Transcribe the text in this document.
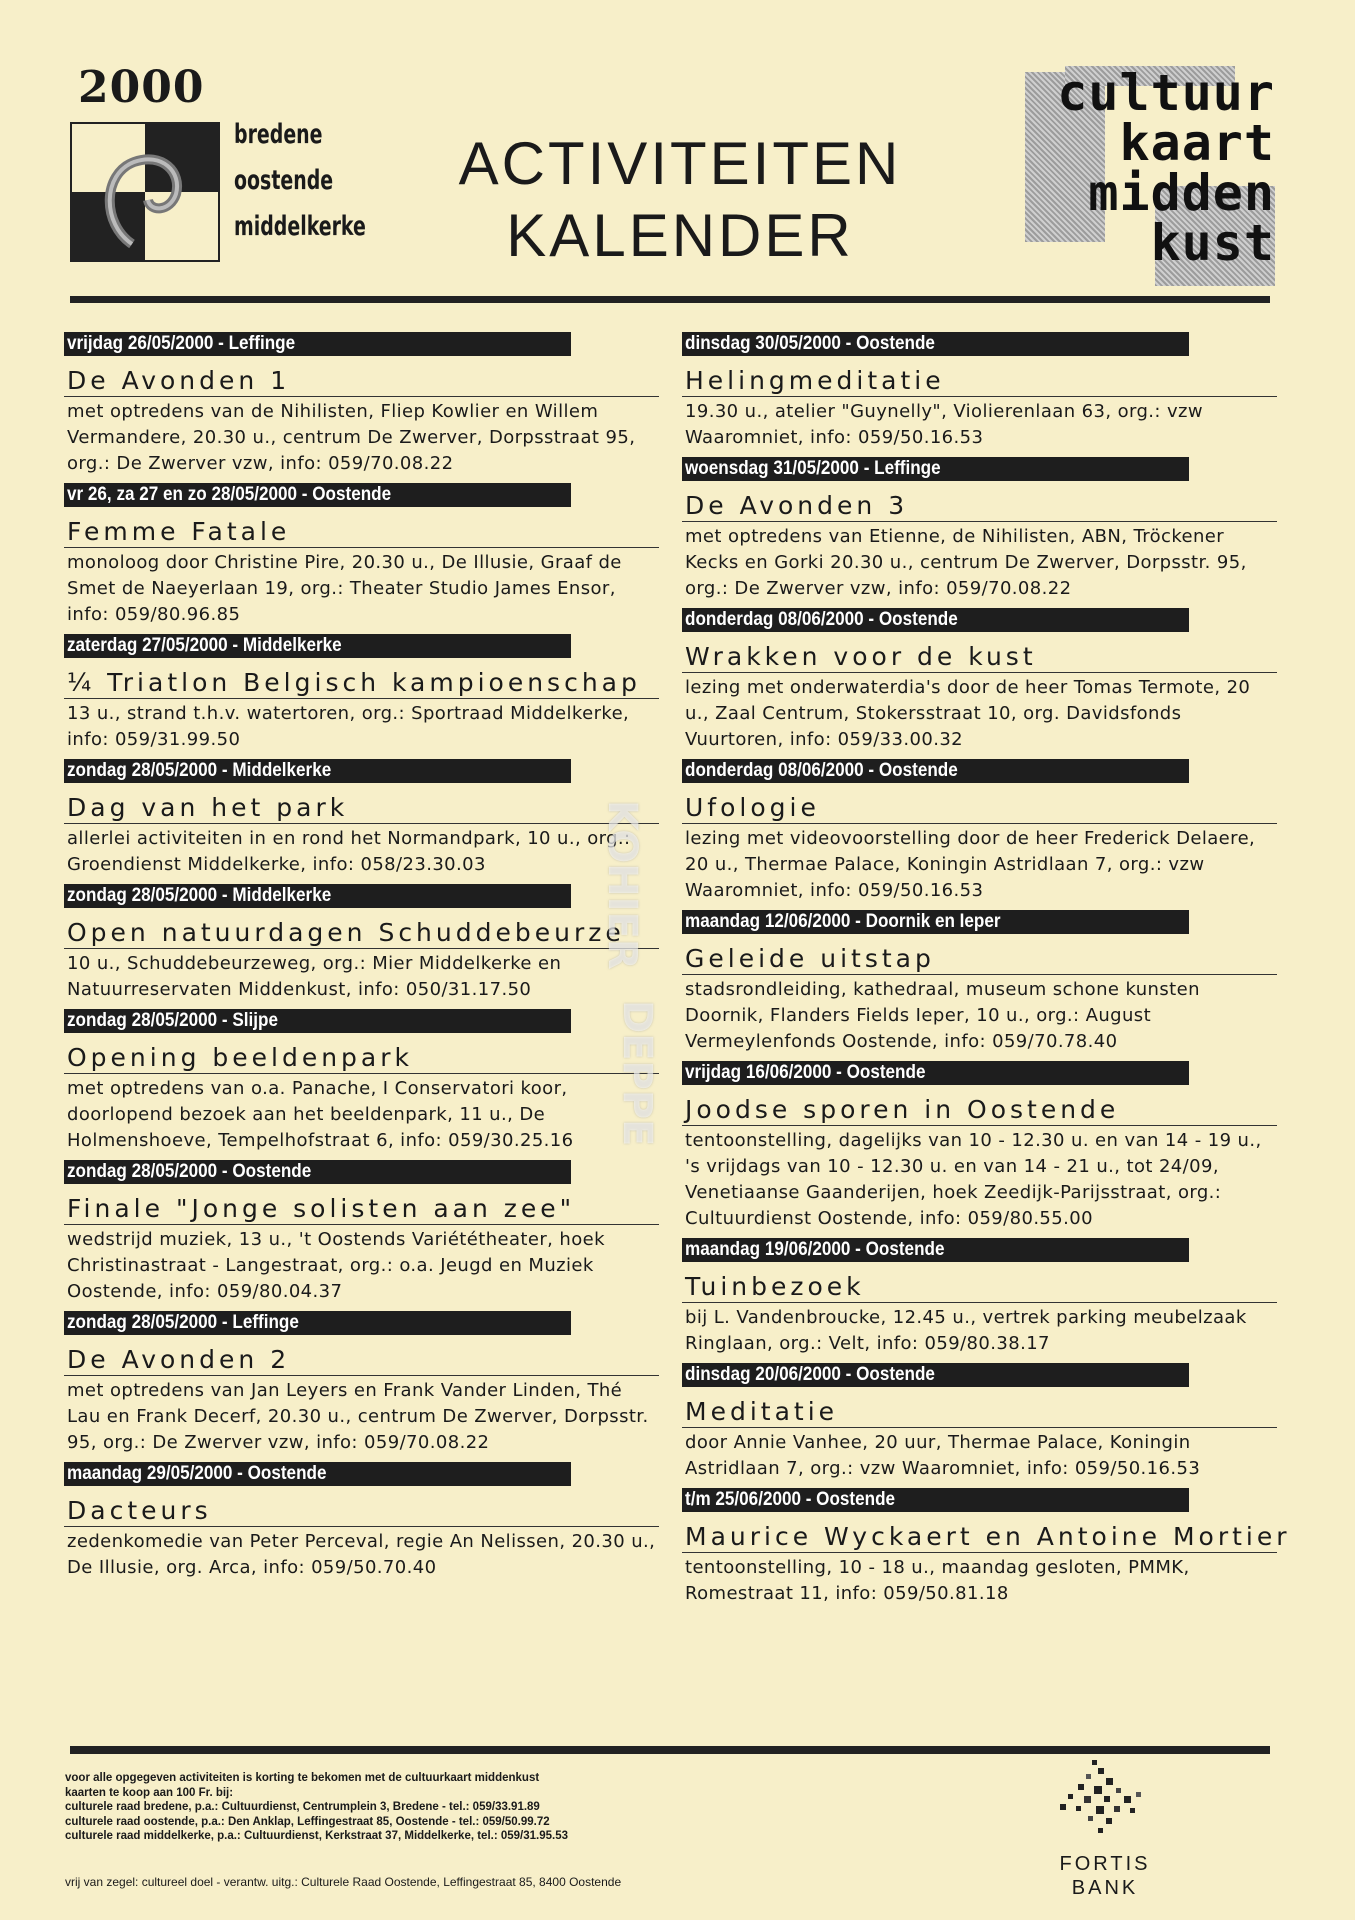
2000
bredene
oostende
middelkerke
ACTIVITEITEN
KALENDER
cultuur
kaart
midden
kust
vrijdag 26/05/2000 - Leffinge
De Avonden 1
met optredens van de Nihilisten, Fliep Kowlier en Willem Vermandere, 20.30 u., centrum De Zwerver, Dorpsstraat 95, org.: De Zwerver vzw, info: 059/70.08.22
vr 26, za 27 en zo 28/05/2000 - Oostende
Femme Fatale
monoloog door Christine Pire, 20.30 u., De Illusie, Graaf de Smet de Naeyerlaan 19, org.: Theater Studio James Ensor, info: 059/80.96.85
zaterdag 27/05/2000 - Middelkerke
¼ Triatlon Belgisch kampioenschap
13 u., strand t.h.v. watertoren, org.: Sportraad Middelkerke, info: 059/31.99.50
zondag 28/05/2000 - Middelkerke
Dag van het park
allerlei activiteiten in en rond het Normandpark, 10 u., org.: Groendienst Middelkerke, info: 058/23.30.03
zondag 28/05/2000 - Middelkerke
Open natuurdagen Schuddebeurze
10 u., Schuddebeurzeweg, org.: Mier Middelkerke en Natuurreservaten Middenkust, info: 050/31.17.50
zondag 28/05/2000 - Slijpe
Opening beeldenpark
met optredens van o.a. Panache, I Conservatori koor, doorlopend bezoek aan het beeldenpark, 11 u., De Holmenshoeve, Tempelhofstraat 6, info: 059/30.25.16
zondag 28/05/2000 - Oostende
Finale "Jonge solisten aan zee"
wedstrijd muziek, 13 u., 't Oostends Variététheater, hoek Christinastraat - Langestraat, org.: o.a. Jeugd en Muziek Oostende, info: 059/80.04.37
zondag 28/05/2000 - Leffinge
De Avonden 2
met optredens van Jan Leyers en Frank Vander Linden, Thé Lau en Frank Decerf, 20.30 u., centrum De Zwerver, Dorpsstr. 95, org.: De Zwerver vzw, info: 059/70.08.22
maandag 29/05/2000 - Oostende
Dacteurs
zedenkomedie van Peter Perceval, regie An Nelissen, 20.30 u., De Illusie, org. Arca, info: 059/50.70.40
dinsdag 30/05/2000 - Oostende
Helingmeditatie
19.30 u., atelier "Guynelly", Violierenlaan 63, org.: vzw Waaromniet, info: 059/50.16.53
woensdag 31/05/2000 - Leffinge
De Avonden 3
met optredens van Etienne, de Nihilisten, ABN, Tröckener Kecks en Gorki 20.30 u., centrum De Zwerver, Dorpsstr. 95, org.: De Zwerver vzw, info: 059/70.08.22
donderdag 08/06/2000 - Oostende
Wrakken voor de kust
lezing met onderwaterdia's door de heer Tomas Termote, 20 u., Zaal Centrum, Stokersstraat 10, org. Davidsfonds Vuurtoren, info: 059/33.00.32
donderdag 08/06/2000 - Oostende
Ufologie
lezing met videovoorstelling door de heer Frederick Delaere, 20 u., Thermae Palace, Koningin Astridlaan 7, org.: vzw Waaromniet, info: 059/50.16.53
maandag 12/06/2000 - Doornik en Ieper
Geleide uitstap
stadsrondleiding, kathedraal, museum schone kunsten Doornik, Flanders Fields Ieper, 10 u., org.: August Vermeylenfonds Oostende, info: 059/70.78.40
vrijdag 16/06/2000 - Oostende
Joodse sporen in Oostende
tentoonstelling, dagelijks van 10 - 12.30 u. en van 14 - 19 u., 's vrijdags van 10 - 12.30 u. en van 14 - 21 u., tot 24/09, Venetiaanse Gaanderijen, hoek Zeedijk-Parijsstraat, org.: Cultuurdienst Oostende, info: 059/80.55.00
maandag 19/06/2000 - Oostende
Tuinbezoek
bij L. Vandenbroucke, 12.45 u., vertrek parking meubelzaak Ringlaan, org.: Velt, info: 059/80.38.17
dinsdag 20/06/2000 - Oostende
Meditatie
door Annie Vanhee, 20 uur, Thermae Palace, Koningin Astridlaan 7, org.: vzw Waaromniet, info: 059/50.16.53
t/m 25/06/2000 - Oostende
Maurice Wyckaert en Antoine Mortier
tentoonstelling, 10 - 18 u., maandag gesloten, PMMK, Romestraat 11, info: 059/50.81.18
KOHIER
DEPPE
voor alle opgegeven activiteiten is korting te bekomen met de cultuurkaart middenkust
kaarten te koop aan 100 Fr. bij:
culturele raad bredene, p.a.: Cultuurdienst, Centrumplein 3, Bredene - tel.: 059/33.91.89
culturele raad oostende, p.a.: Den Anklap, Leffingestraat 85, Oostende - tel.: 059/50.99.72
culturele raad middelkerke, p.a.: Cultuurdienst, Kerkstraat 37, Middelkerke, tel.: 059/31.95.53
vrij van zegel: cultureel doel - verantw. uitg.: Culturele Raad Oostende, Leffingestraat 85, 8400 Oostende
FORTIS
BANK
